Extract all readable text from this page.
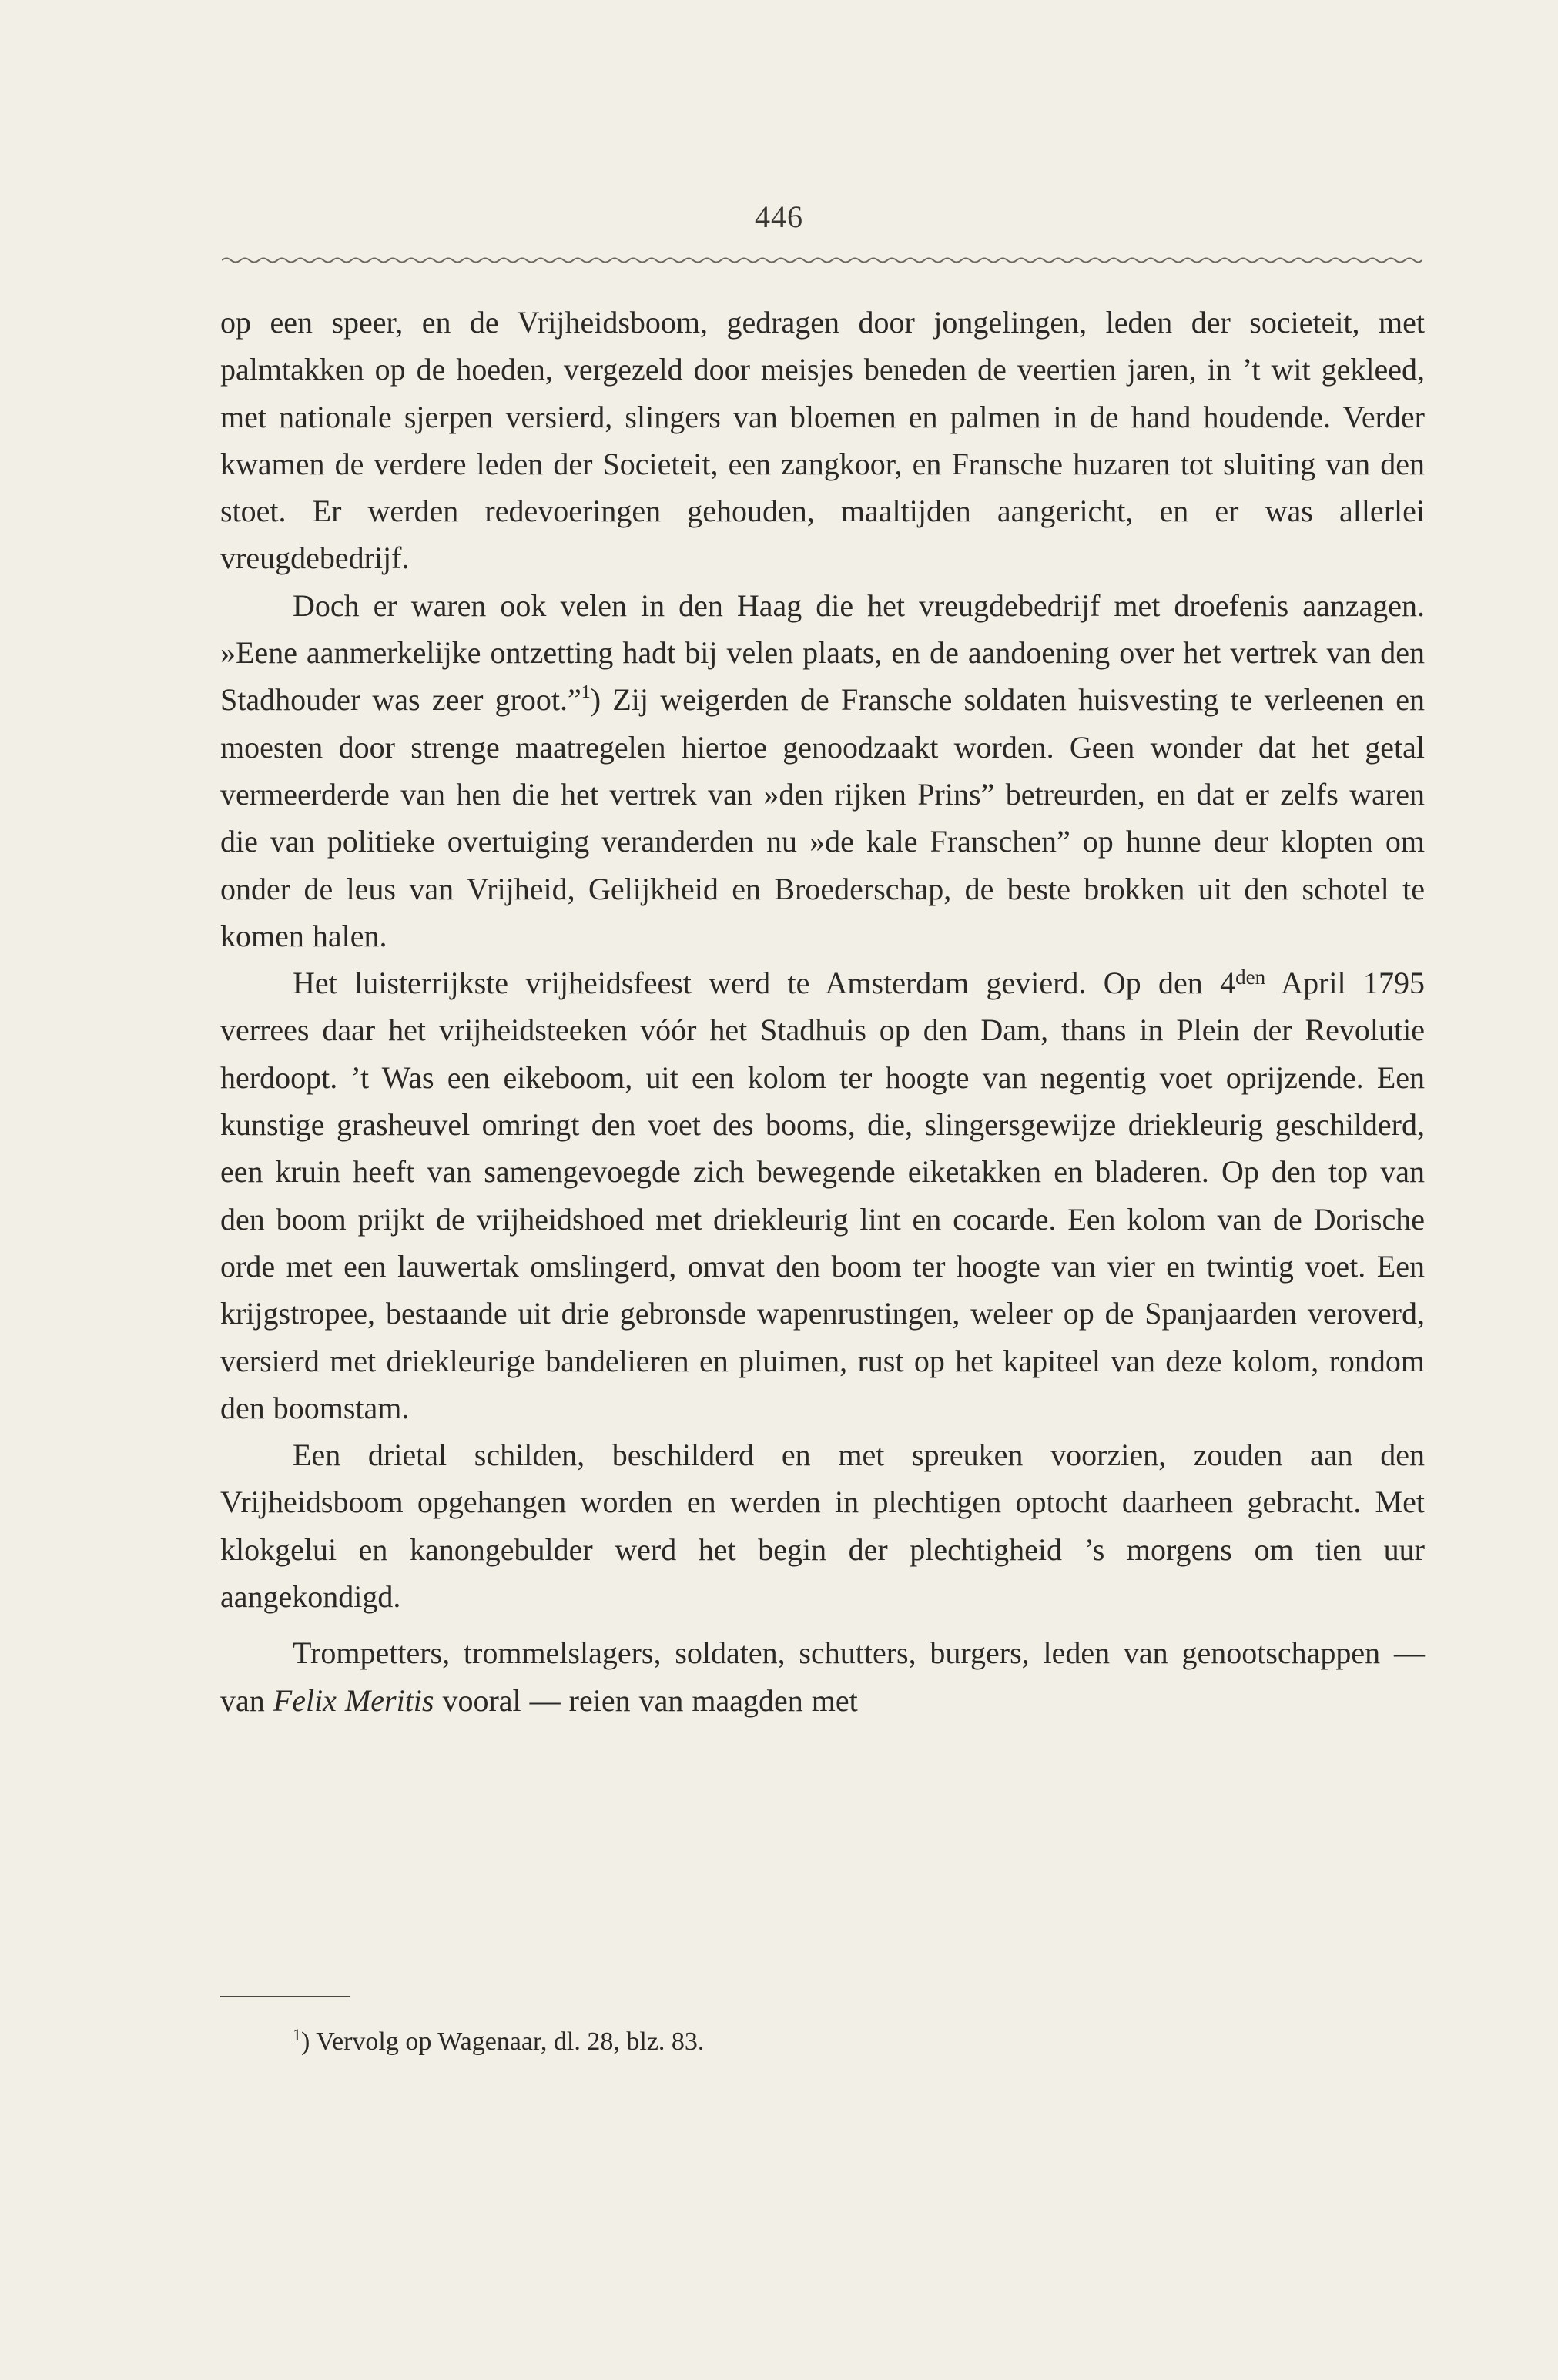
446

op een speer, en de Vrijheidsboom, gedragen door jongelingen, leden der societeit, met palmtakken op de hoeden, vergezeld door meisjes beneden de veertien jaren, in ’t wit gekleed, met nationale sjerpen versierd, slingers van bloemen en palmen in de hand houdende. Verder kwamen de verdere leden der Societeit, een zangkoor, en Fransche huzaren tot sluiting van den stoet. Er werden redevoeringen gehouden, maaltijden aangericht, en er was allerlei vreugdebedrijf.

Doch er waren ook velen in den Haag die het vreugdebedrijf met droefenis aanzagen. »Eene aanmerkelijke ontzetting hadt bij velen plaats, en de aandoening over het vertrek van den Stadhouder was zeer groot.”$^1$) Zij weigerden de Fransche soldaten huisvesting te verleenen en moesten door strenge maatregelen hiertoe genoodzaakt worden. Geen wonder dat het getal vermeerderde van hen die het vertrek van »den rijken Prins” betreurden, en dat er zelfs waren die van politieke overtuiging veranderden nu »de kale Franschen” op hunne deur klopten om onder de leus van Vrijheid, Gelijkheid en Broederschap, de beste brokken uit den schotel te komen halen.

Het luisterrijkste vrijheidsfeest werd te Amsterdam gevierd. Op den $4^{den}$ April 1795 verrees daar het vrijheidsteeken vóór het Stadhuis op den Dam, thans in Plein der Revolutie herdoopt. ’t Was een eikeboom, uit een kolom ter hoogte van negentig voet oprijzende. Een kunstige grasheuvel omringt den voet des booms, die, slingersgewijze driekleurig geschilderd, een kruin heeft van samengevoegde zich bewegende eiketakken en bladeren. Op den top van den boom prijkt de vrijheidshoed met driekleurig lint en cocarde. Een kolom van de Dorische orde met een lauwertak omslingerd, omvat den boom ter hoogte van vier en twintig voet. Een krijgstropee, bestaande uit drie gebronsde wapenrustingen, weleer op de Spanjaarden veroverd, versierd met driekleurige bandelieren en pluimen, rust op het kapiteel van deze kolom, rondom den boomstam.

Een drietal schilden, beschilderd en met spreuken voorzien, zouden aan den Vrijheidsboom opgehangen worden en werden in plechtigen optocht daarheen gebracht. Met klokgelui en kanongebulder werd het begin der plechtigheid ’s morgens om tien uur aangekondigd.

Trompetters, trommelslagers, soldaten, schutters, burgers, leden van genootschappen — van Felix Meritis vooral — reien van maagden met

$^1$) Vervolg op Wagenaar, dl. 28, blz. 83.
